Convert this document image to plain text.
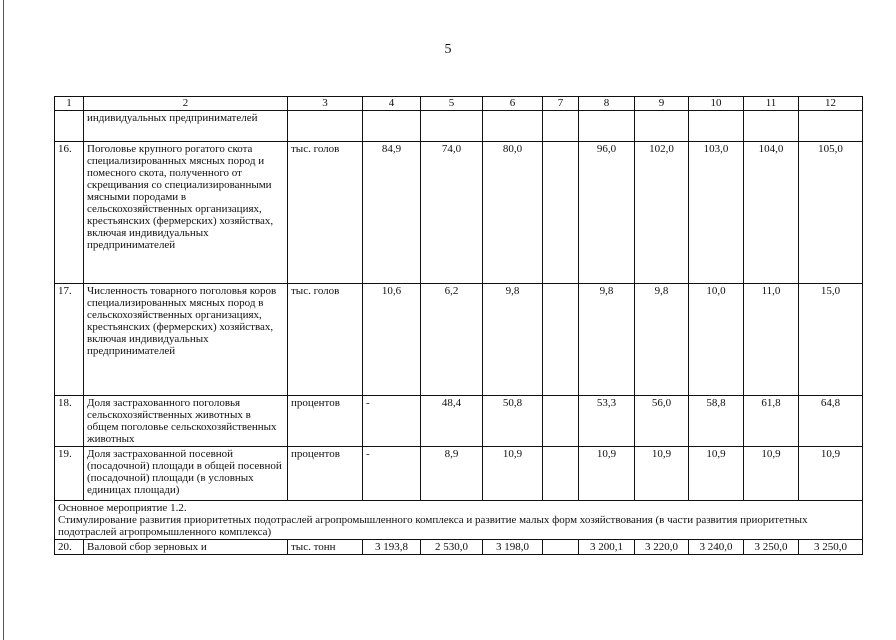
5
1	2	3	4	5	6	7	8	9	10	11	12
	индивидуальных предпринимателей										
16.	Поголовье крупного рогатого скота специализированных мясных пород и помесного скота, полученного от скрещивания со специализированными мясными породами в сельскохозяйственных организациях, крестьянских (фермерских) хозяйствах, включая индивидуальных предпринимателей	тыс. голов	84,9	74,0	80,0		96,0	102,0	103,0	104,0	105,0
17.	Численность товарного поголовья коров специализированных мясных пород в сельскохозяйственных организациях, крестьянских (фермерских) хозяйствах, включая индивидуальных предпринимателей	тыс. голов	10,6	6,2	9,8		9,8	9,8	10,0	11,0	15,0
18.	Доля застрахованного поголовья сельскохозяйственных животных в общем поголовье сельскохозяйственных животных	процентов	-	48,4	50,8		53,3	56,0	58,8	61,8	64,8
19.	Доля застрахованной посевной (посадочной) площади в общей посевной (посадочной) площади (в условных единицах площади)	процентов	-	8,9	10,9		10,9	10,9	10,9	10,9	10,9

Основное мероприятие 1.2.
Стимулирование развития приоритетных подотраслей агропромышленного комплекса и развитие малых форм хозяйствования (в части развития приоритетных подотраслей агропромышленного комплекса)											

20.	Валовой сбор зерновых и	тыс. тонн	3 193,8	2 530,0	3 198,0		3 200,1	3 220,0	3 240,0	3 250,0	3 250,0
